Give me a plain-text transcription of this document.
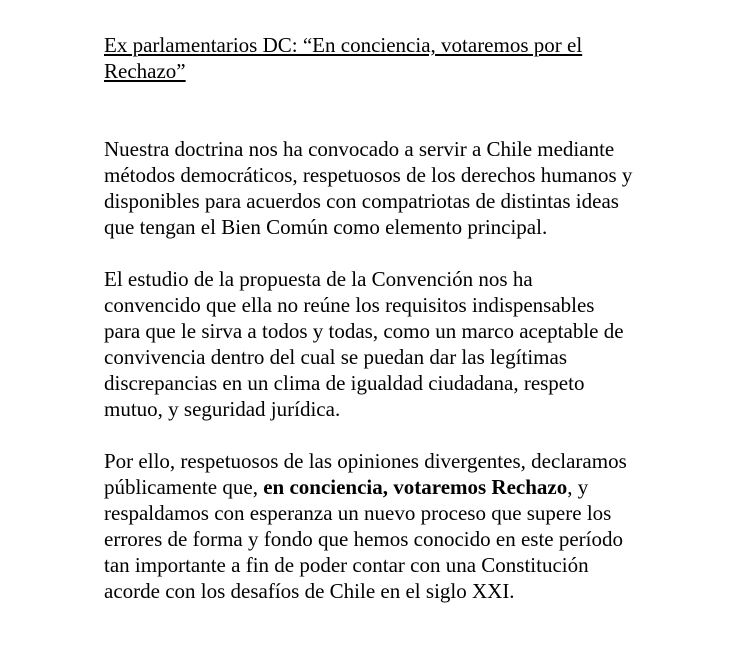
Ex parlamentarios DC: “En conciencia, votaremos por el Rechazo”

Nuestra doctrina nos ha convocado a servir a Chile mediante métodos democráticos, respetuosos de los derechos humanos y disponibles para acuerdos con compatriotas de distintas ideas que tengan el Bien Común como elemento principal.

El estudio de la propuesta de la Convención nos ha convencido que ella no reúne los requisitos indispensables para que le sirva a todos y todas, como un marco aceptable de convivencia dentro del cual se puedan dar las legítimas discrepancias en un clima de igualdad ciudadana, respeto mutuo, y seguridad jurídica.

Por ello, respetuosos de las opiniones divergentes, declaramos públicamente que, en conciencia, votaremos Rechazo, y respaldamos con esperanza un nuevo proceso que supere los errores de forma y fondo que hemos conocido en este período tan importante a fin de poder contar con una Constitución acorde con los desafíos de Chile en el siglo XXI.
